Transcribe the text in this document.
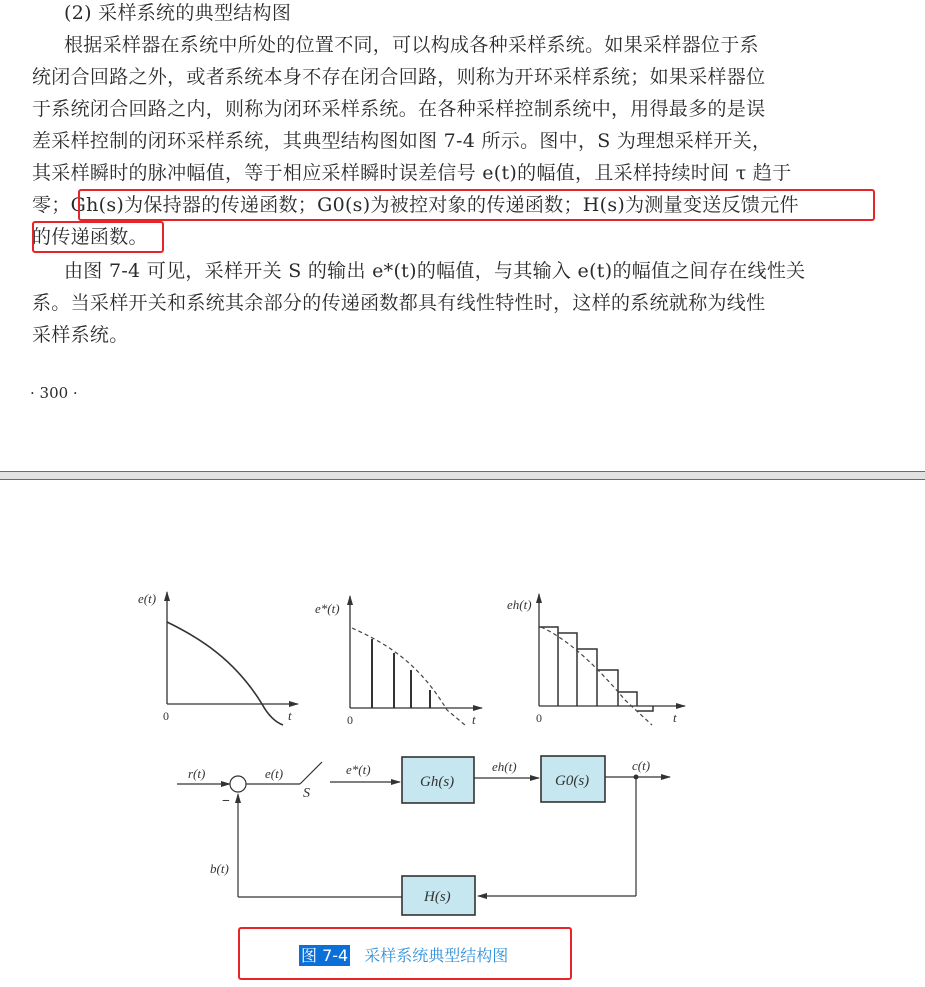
(2) 采样系统的典型结构图
根据采样器在系统中所处的位置不同，可以构成各种采样系统。如果采样器位于系
统闭合回路之外，或者系统本身不存在闭合回路，则称为开环采样系统；如果采样器位
于系统闭合回路之内，则称为闭环采样系统。在各种采样控制系统中，用得最多的是误
差采样控制的闭环采样系统，其典型结构图如图 7-4 所示。图中，S 为理想采样开关，
其采样瞬时的脉冲幅值，等于相应采样瞬时误差信号 e(t)的幅值，且采样持续时间 τ 趋于
零；Gh(s)为保持器的传递函数；G0(s)为被控对象的传递函数；H(s)为测量变送反馈元件
的传递函数。
由图 7-4 可见，采样开关 S 的输出 e*(t)的幅值，与其输入 e(t)的幅值之间存在线性关
系。当采样开关和系统其余部分的传递函数都具有线性特性时，这样的系统就称为线性
采样系统。
· 300 ·
e(t)
0	t
e*(t)
0	t
eh(t)
0	t
r(t)	e(t)	e*(t)
S
−
eh(t)	c(t)
b(t)
Gh(s)	G0(s)
H(s)
图 7-4 采样系统典型结构图
